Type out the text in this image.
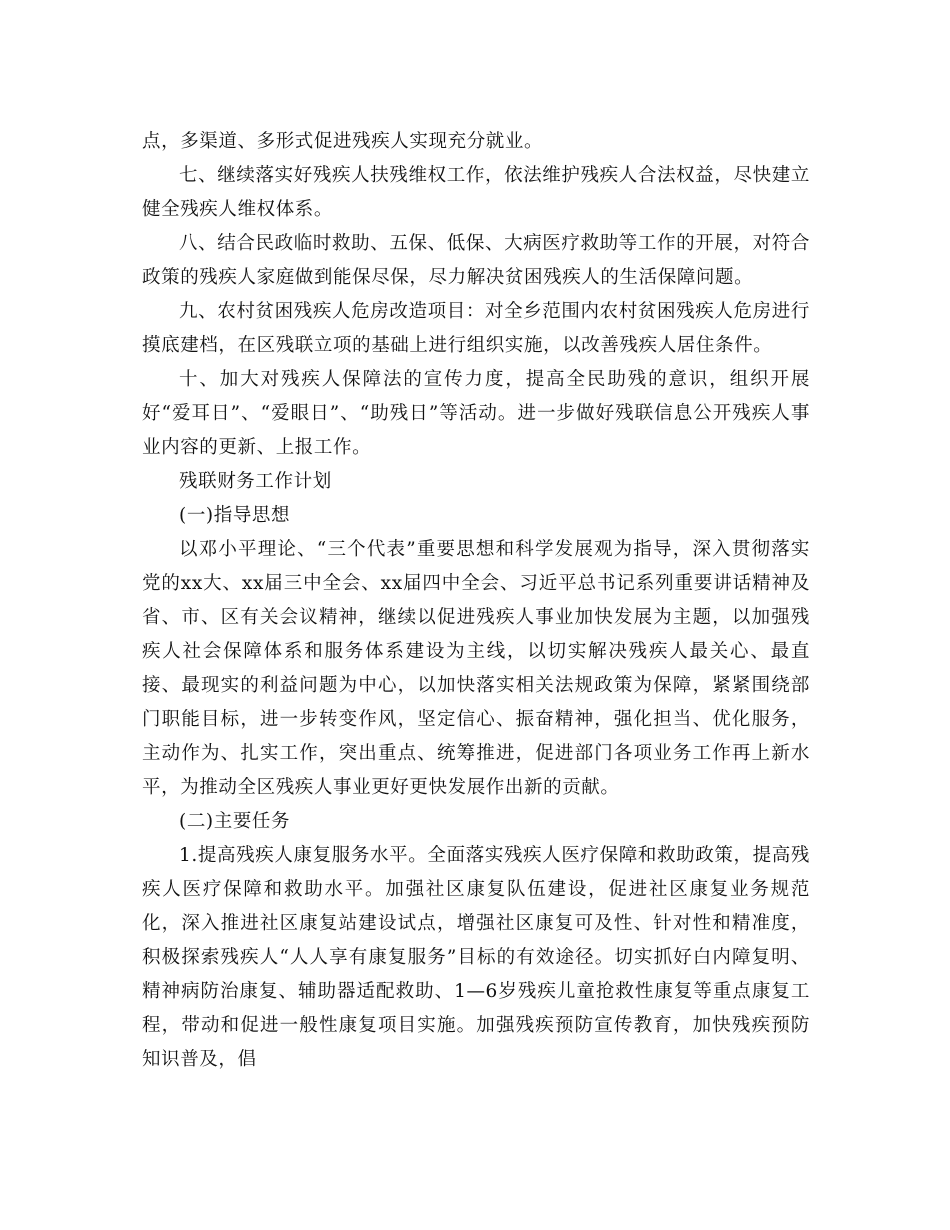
点，多渠道、多形式促进残疾人实现充分就业。

七、继续落实好残疾人扶残维权工作，依法维护残疾人合法权益，尽快建立健全残疾人维权体系。

八、结合民政临时救助、五保、低保、大病医疗救助等工作的开展，对符合政策的残疾人家庭做到能保尽保，尽力解决贫困残疾人的生活保障问题。

九、农村贫困残疾人危房改造项目：对全乡范围内农村贫困残疾人危房进行摸底建档，在区残联立项的基础上进行组织实施，以改善残疾人居住条件。

十、加大对残疾人保障法的宣传力度，提高全民助残的意识，组织开展好“爱耳日”、“爱眼日”、“助残日”等活动。进一步做好残联信息公开残疾人事业内容的更新、上报工作。

残联财务工作计划

(一)指导思想

以邓小平理论、“三个代表”重要思想和科学发展观为指导，深入贯彻落实党的xx大、xx届三中全会、xx届四中全会、习近平总书记系列重要讲话精神及省、市、区有关会议精神，继续以促进残疾人事业加快发展为主题，以加强残疾人社会保障体系和服务体系建设为主线，以切实解决残疾人最关心、最直接、最现实的利益问题为中心，以加快落实相关法规政策为保障，紧紧围绕部门职能目标，进一步转变作风，坚定信心、振奋精神，强化担当、优化服务，主动作为、扎实工作，突出重点、统筹推进，促进部门各项业务工作再上新水平，为推动全区残疾人事业更好更快发展作出新的贡献。

(二)主要任务

1.提高残疾人康复服务水平。全面落实残疾人医疗保障和救助政策，提高残疾人医疗保障和救助水平。加强社区康复队伍建设，促进社区康复业务规范化，深入推进社区康复站建设试点，增强社区康复可及性、针对性和精准度，积极探索残疾人“人人享有康复服务”目标的有效途径。切实抓好白内障复明、精神病防治康复、辅助器适配救助、1—6岁残疾儿童抢救性康复等重点康复工程，带动和促进一般性康复项目实施。加强残疾预防宣传教育，加快残疾预防知识普及，倡
